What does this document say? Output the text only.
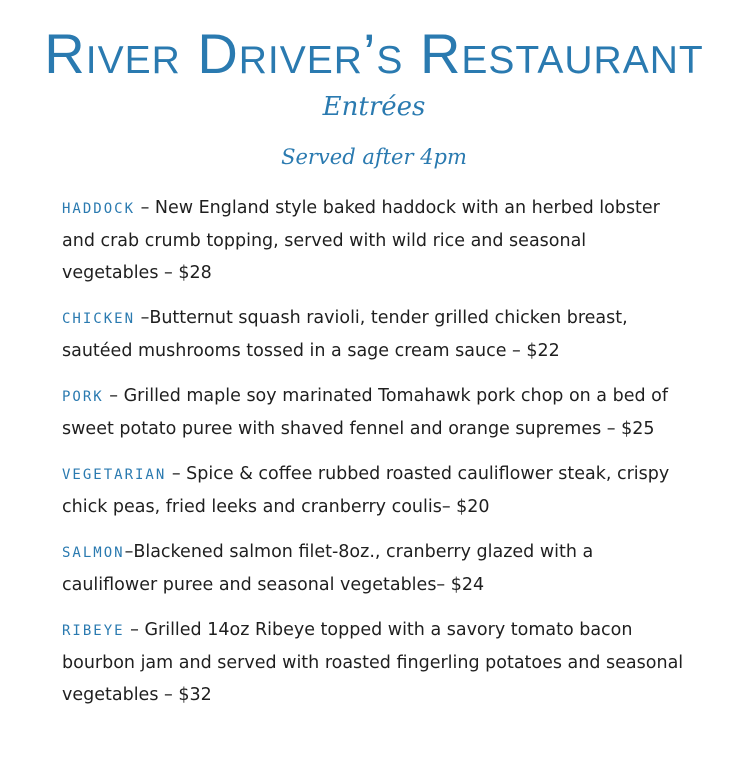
River Driver’s Restaurant
Entrées
Served after 4pm
HADDOCK – New England style baked haddock with an herbed lobster and crab crumb topping, served with wild rice and seasonal vegetables – $28
CHICKEN –Butternut squash ravioli, tender grilled chicken breast, sautéed mushrooms tossed in a sage cream sauce – $22
PORK – Grilled maple soy marinated Tomahawk pork chop on a bed of sweet potato puree with shaved fennel and orange supremes – $25
VEGETARIAN – Spice & coffee rubbed roasted cauliflower steak, crispy chick peas, fried leeks and cranberry coulis– $20
SALMON–Blackened salmon filet-8oz., cranberry glazed with a cauliflower puree and seasonal vegetables– $24
RIBEYE – Grilled 14oz Ribeye topped with a savory tomato bacon bourbon jam and served with roasted fingerling potatoes and seasonal vegetables – $32
